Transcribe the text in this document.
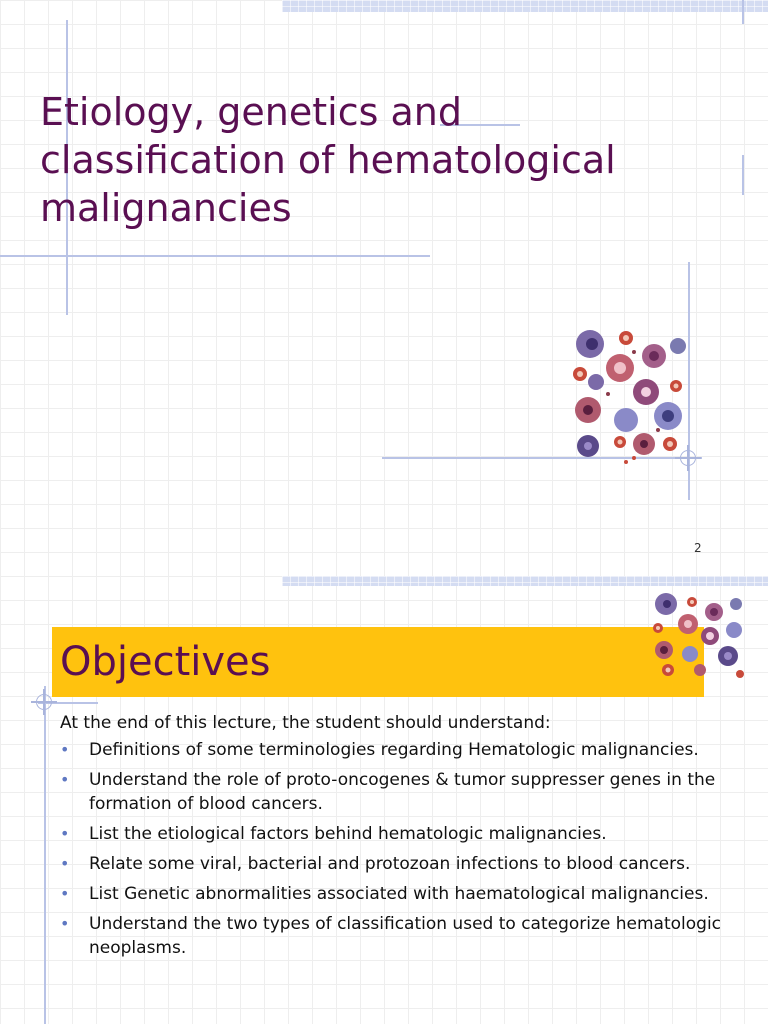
Etiology, genetics and
classification of hematological
malignancies
2
Objectives

At the end of this lecture, the student should understand:

• Definitions of some terminologies regarding Hematologic malignancies.
• Understand the role of proto-oncogenes & tumor suppresser genes in the formation of blood cancers.
• List the etiological factors behind hematologic malignancies.
• Relate some viral, bacterial and protozoan infections to blood cancers.
• List Genetic abnormalities associated with haematological malignancies.
• Understand the two types of classification used to categorize hematologic neoplasms.
